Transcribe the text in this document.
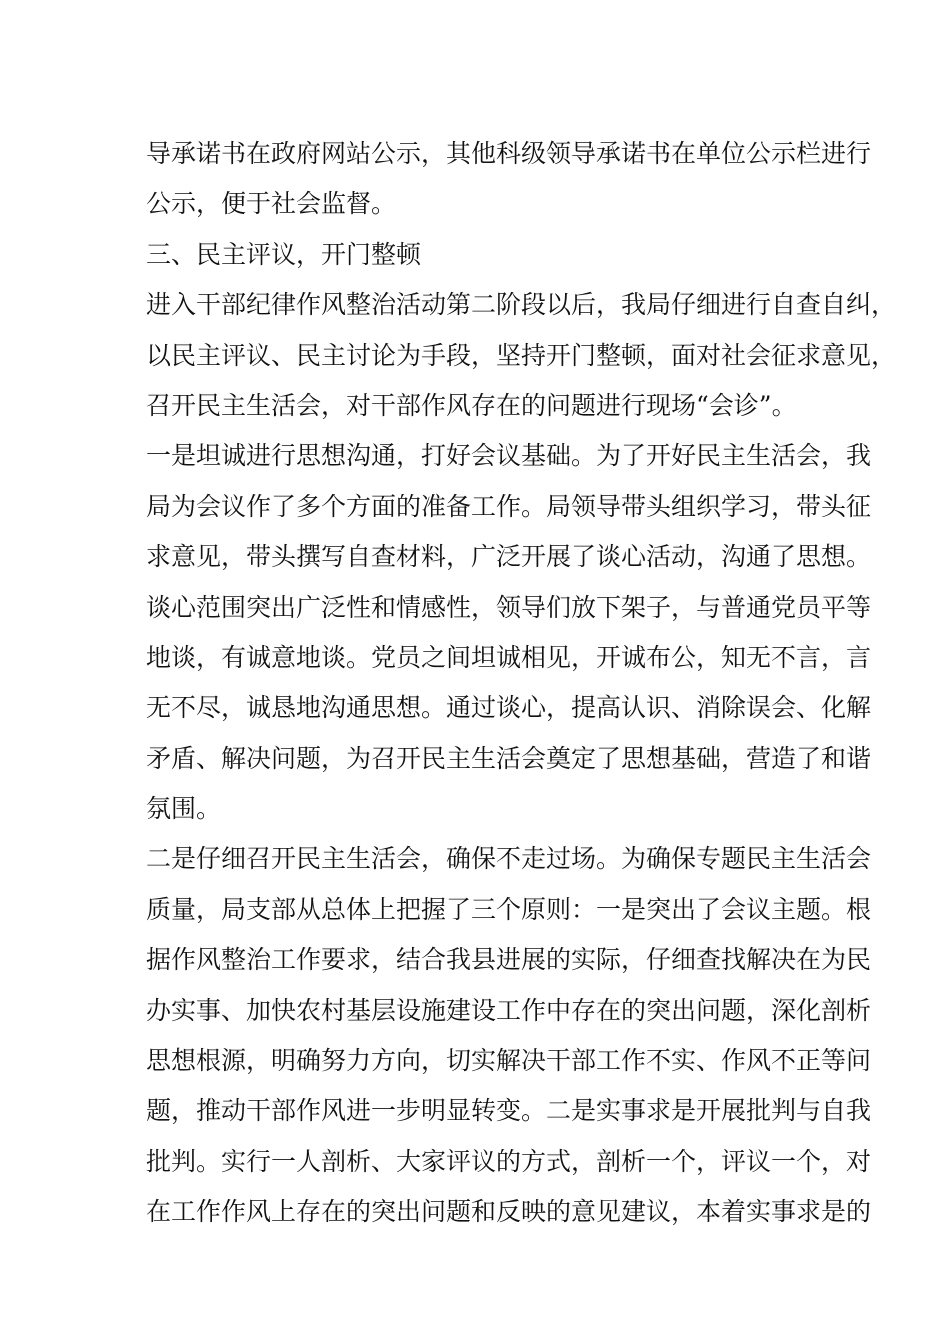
导承诺书在政府网站公示，其他科级领导承诺书在单位公示栏进行
公示，便于社会监督。
三、民主评议，开门整顿
进入干部纪律作风整治活动第二阶段以后，我局仔细进行自查自纠，
以民主评议、民主讨论为手段，坚持开门整顿，面对社会征求意见，
召开民主生活会，对干部作风存在的问题进行现场“会诊”。
一是坦诚进行思想沟通，打好会议基础。为了开好民主生活会，我
局为会议作了多个方面的准备工作。局领导带头组织学习，带头征
求意见，带头撰写自查材料，广泛开展了谈心活动，沟通了思想。
谈心范围突出广泛性和情感性，领导们放下架子，与普通党员平等
地谈，有诚意地谈。党员之间坦诚相见，开诚布公，知无不言，言
无不尽，诚恳地沟通思想。通过谈心，提高认识、消除误会、化解
矛盾、解决问题，为召开民主生活会奠定了思想基础，营造了和谐
氛围。
二是仔细召开民主生活会，确保不走过场。为确保专题民主生活会
质量，局支部从总体上把握了三个原则：一是突出了会议主题。根
据作风整治工作要求，结合我县进展的实际，仔细查找解决在为民
办实事、加快农村基层设施建设工作中存在的突出问题，深化剖析
思想根源，明确努力方向，切实解决干部工作不实、作风不正等问
题，推动干部作风进一步明显转变。二是实事求是开展批判与自我
批判。实行一人剖析、大家评议的方式，剖析一个，评议一个，对
在工作作风上存在的突出问题和反映的意见建议，本着实事求是的
